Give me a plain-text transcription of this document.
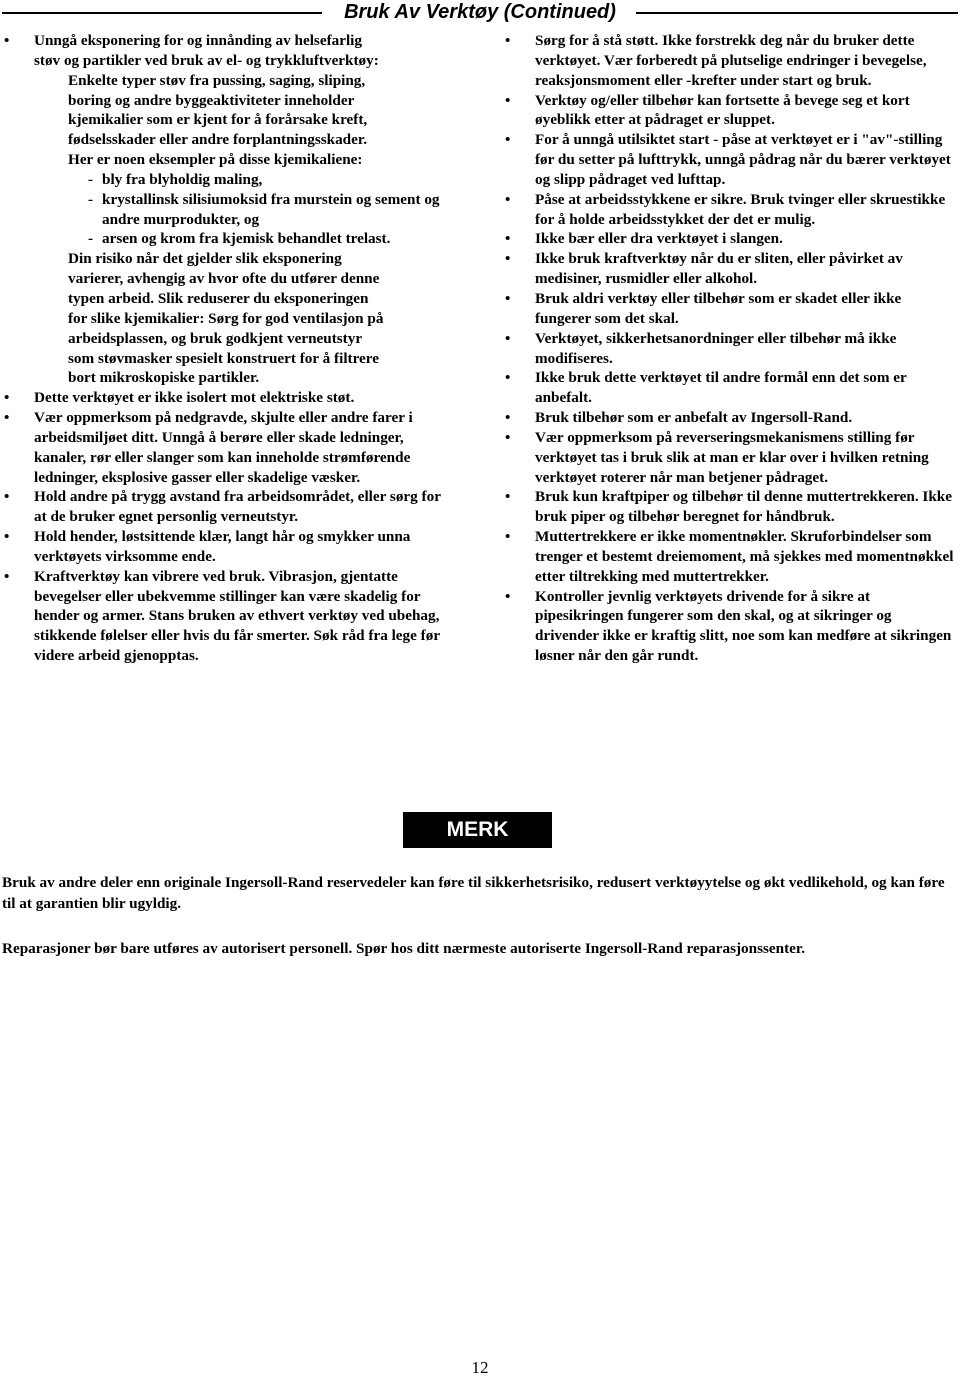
Bruk Av Verktøy (Continued)
• Unngå eksponering for og innånding av helsefarlig
støv og partikler ved bruk av el- og trykkluftverktøy:
Enkelte typer støv fra pussing, saging, sliping,
boring og andre byggeaktiviteter inneholder
kjemikalier som er kjent for å forårsake kreft,
fødselsskader eller andre forplantningsskader.
Her er noen eksempler på disse kjemikaliene:
- bly fra blyholdig maling,
- krystallinsk silisiumoksid fra murstein og sement og andre murprodukter, og
- arsen og krom fra kjemisk behandlet trelast.
Din risiko når det gjelder slik eksponering
varierer, avhengig av hvor ofte du utfører denne
typen arbeid. Slik reduserer du eksponeringen
for slike kjemikalier: Sørg for god ventilasjon på
arbeidsplassen, og bruk godkjent verneutstyr
som støvmasker spesielt konstruert for å filtrere
bort mikroskopiske partikler.
• Dette verktøyet er ikke isolert mot elektriske støt.
• Vær oppmerksom på nedgravde, skjulte eller andre farer i arbeidsmiljøet ditt. Unngå å berøre eller skade ledninger, kanaler, rør eller slanger som kan inneholde strømførende ledninger, eksplosive gasser eller skadelige væsker.
• Hold andre på trygg avstand fra arbeidsområdet, eller sørg for at de bruker egnet personlig verneutstyr.
• Hold hender, løstsittende klær, langt hår og smykker unna verktøyets virksomme ende.
• Kraftverktøy kan vibrere ved bruk. Vibrasjon, gjentatte bevegelser eller ubekvemme stillinger kan være skadelig for hender og armer. Stans bruken av ethvert verktøy ved ubehag, stikkende følelser eller hvis du får smerter. Søk råd fra lege før videre arbeid gjenopptas.
• Sørg for å stå støtt. Ikke forstrekk deg når du bruker dette verktøyet. Vær forberedt på plutselige endringer i bevegelse, reaksjonsmoment eller -krefter under start og bruk.
• Verktøy og/eller tilbehør kan fortsette å bevege seg et kort øyeblikk etter at pådraget er sluppet.
• For å unngå utilsiktet start - påse at verktøyet er i "av"-stilling før du setter på lufttrykk, unngå pådrag når du bærer verktøyet og slipp pådraget ved lufttap.
• Påse at arbeidsstykkene er sikre. Bruk tvinger eller skruestikke for å holde arbeidsstykket der det er mulig.
• Ikke bær eller dra verktøyet i slangen.
• Ikke bruk kraftverktøy når du er sliten, eller påvirket av medisiner, rusmidler eller alkohol.
• Bruk aldri verktøy eller tilbehør som er skadet eller ikke fungerer som det skal.
• Verktøyet, sikkerhetsanordninger eller tilbehør må ikke modifiseres.
• Ikke bruk dette verktøyet til andre formål enn det som er anbefalt.
• Bruk tilbehør som er anbefalt av Ingersoll-Rand.
• Vær oppmerksom på reverseringsmekanismens stilling før verktøyet tas i bruk slik at man er klar over i hvilken retning verktøyet roterer når man betjener pådraget.
• Bruk kun kraftpiper og tilbehør til denne muttertrekkeren. Ikke bruk piper og tilbehør beregnet for håndbruk.
• Muttertrekkere er ikke momentnøkler. Skruforbindelser som trenger et bestemt dreiemoment, må sjekkes med momentnøkkel etter tiltrekking med muttertrekker.
• Kontroller jevnlig verktøyets drivende for å sikre at pipesikringen fungerer som den skal, og at sikringer og drivender ikke er kraftig slitt, noe som kan medføre at sikringen løsner når den går rundt.
MERK
Bruk av andre deler enn originale Ingersoll-Rand reservedeler kan føre til sikkerhetsrisiko, redusert verktøyytelse og økt vedlikehold, og kan føre til at garantien blir ugyldig.
Reparasjoner bør bare utføres av autorisert personell. Spør hos ditt nærmeste autoriserte Ingersoll-Rand reparasjonssenter.
12
